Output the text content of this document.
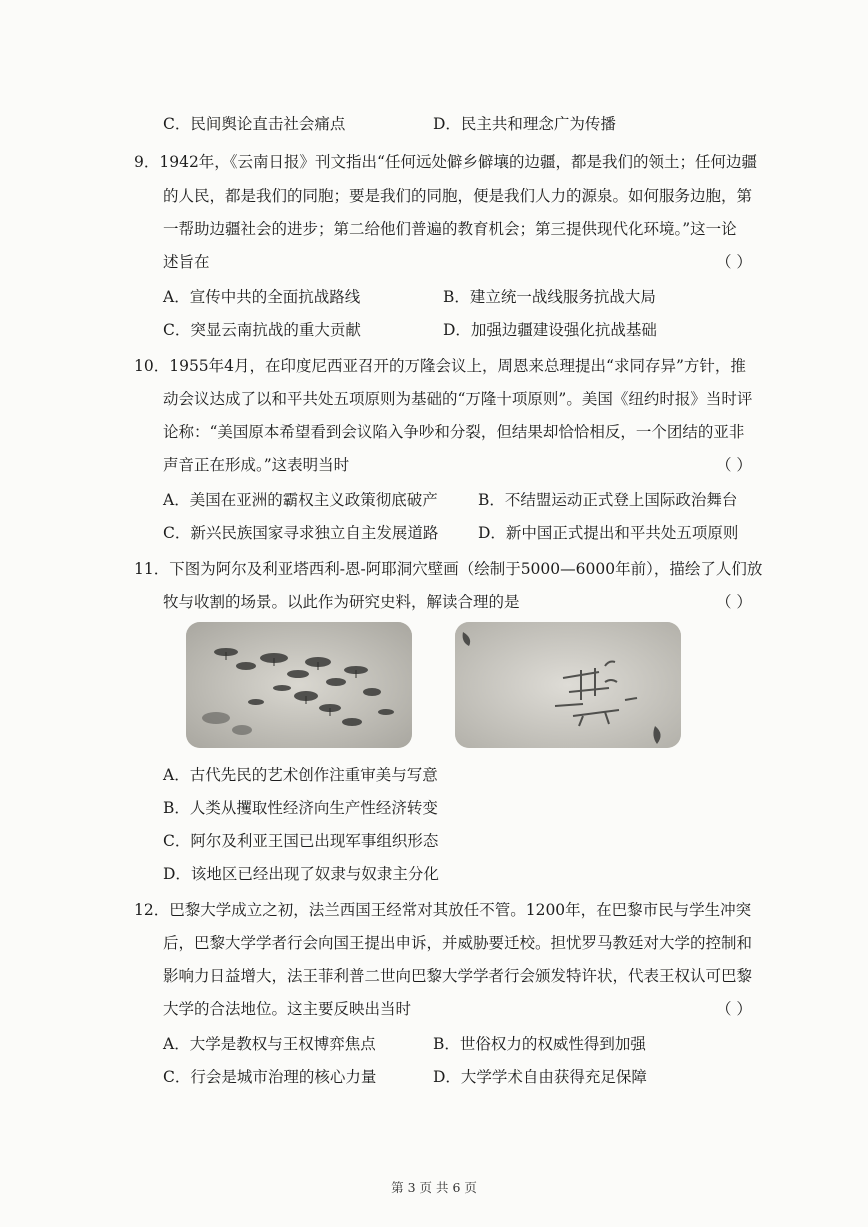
C．民间舆论直击社会痛点	D．民主共和理念广为传播
9．1942年，《云南日报》刊文指出“任何远处僻乡僻壤的边疆，都是我们的领土；任何边疆
的人民，都是我们的同胞；要是我们的同胞，便是我们人力的源泉。如何服务边胞，第
一帮助边疆社会的进步；第二给他们普遍的教育机会；第三提供现代化环境。”这一论
述旨在	（ ）
A．宣传中共的全面抗战路线	B．建立统一战线服务抗战大局
C．突显云南抗战的重大贡献	D．加强边疆建设强化抗战基础
10．1955年4月，在印度尼西亚召开的万隆会议上，周恩来总理提出“求同存异”方针，推
动会议达成了以和平共处五项原则为基础的“万隆十项原则”。美国《纽约时报》当时评
论称：“美国原本希望看到会议陷入争吵和分裂，但结果却恰恰相反，一个团结的亚非
声音正在形成。”这表明当时	（ ）
A．美国在亚洲的霸权主义政策彻底破产	B．不结盟运动正式登上国际政治舞台
C．新兴民族国家寻求独立自主发展道路	D．新中国正式提出和平共处五项原则
11．下图为阿尔及利亚塔西利-恩-阿耶洞穴壁画（绘制于5000—6000年前），描绘了人们放
牧与收割的场景。以此作为研究史料，解读合理的是	（ ）
A．古代先民的艺术创作注重审美与写意
B．人类从攫取性经济向生产性经济转变
C．阿尔及利亚王国已出现军事组织形态
D．该地区已经出现了奴隶与奴隶主分化
12．巴黎大学成立之初，法兰西国王经常对其放任不管。1200年，在巴黎市民与学生冲突
后，巴黎大学学者行会向国王提出申诉，并威胁要迁校。担忧罗马教廷对大学的控制和
影响力日益增大，法王菲利普二世向巴黎大学学者行会颁发特许状，代表王权认可巴黎
大学的合法地位。这主要反映出当时	（ ）
A．大学是教权与王权博弈焦点	B．世俗权力的权威性得到加强
C．行会是城市治理的核心力量	D．大学学术自由获得充足保障
第 3 页 共 6 页
